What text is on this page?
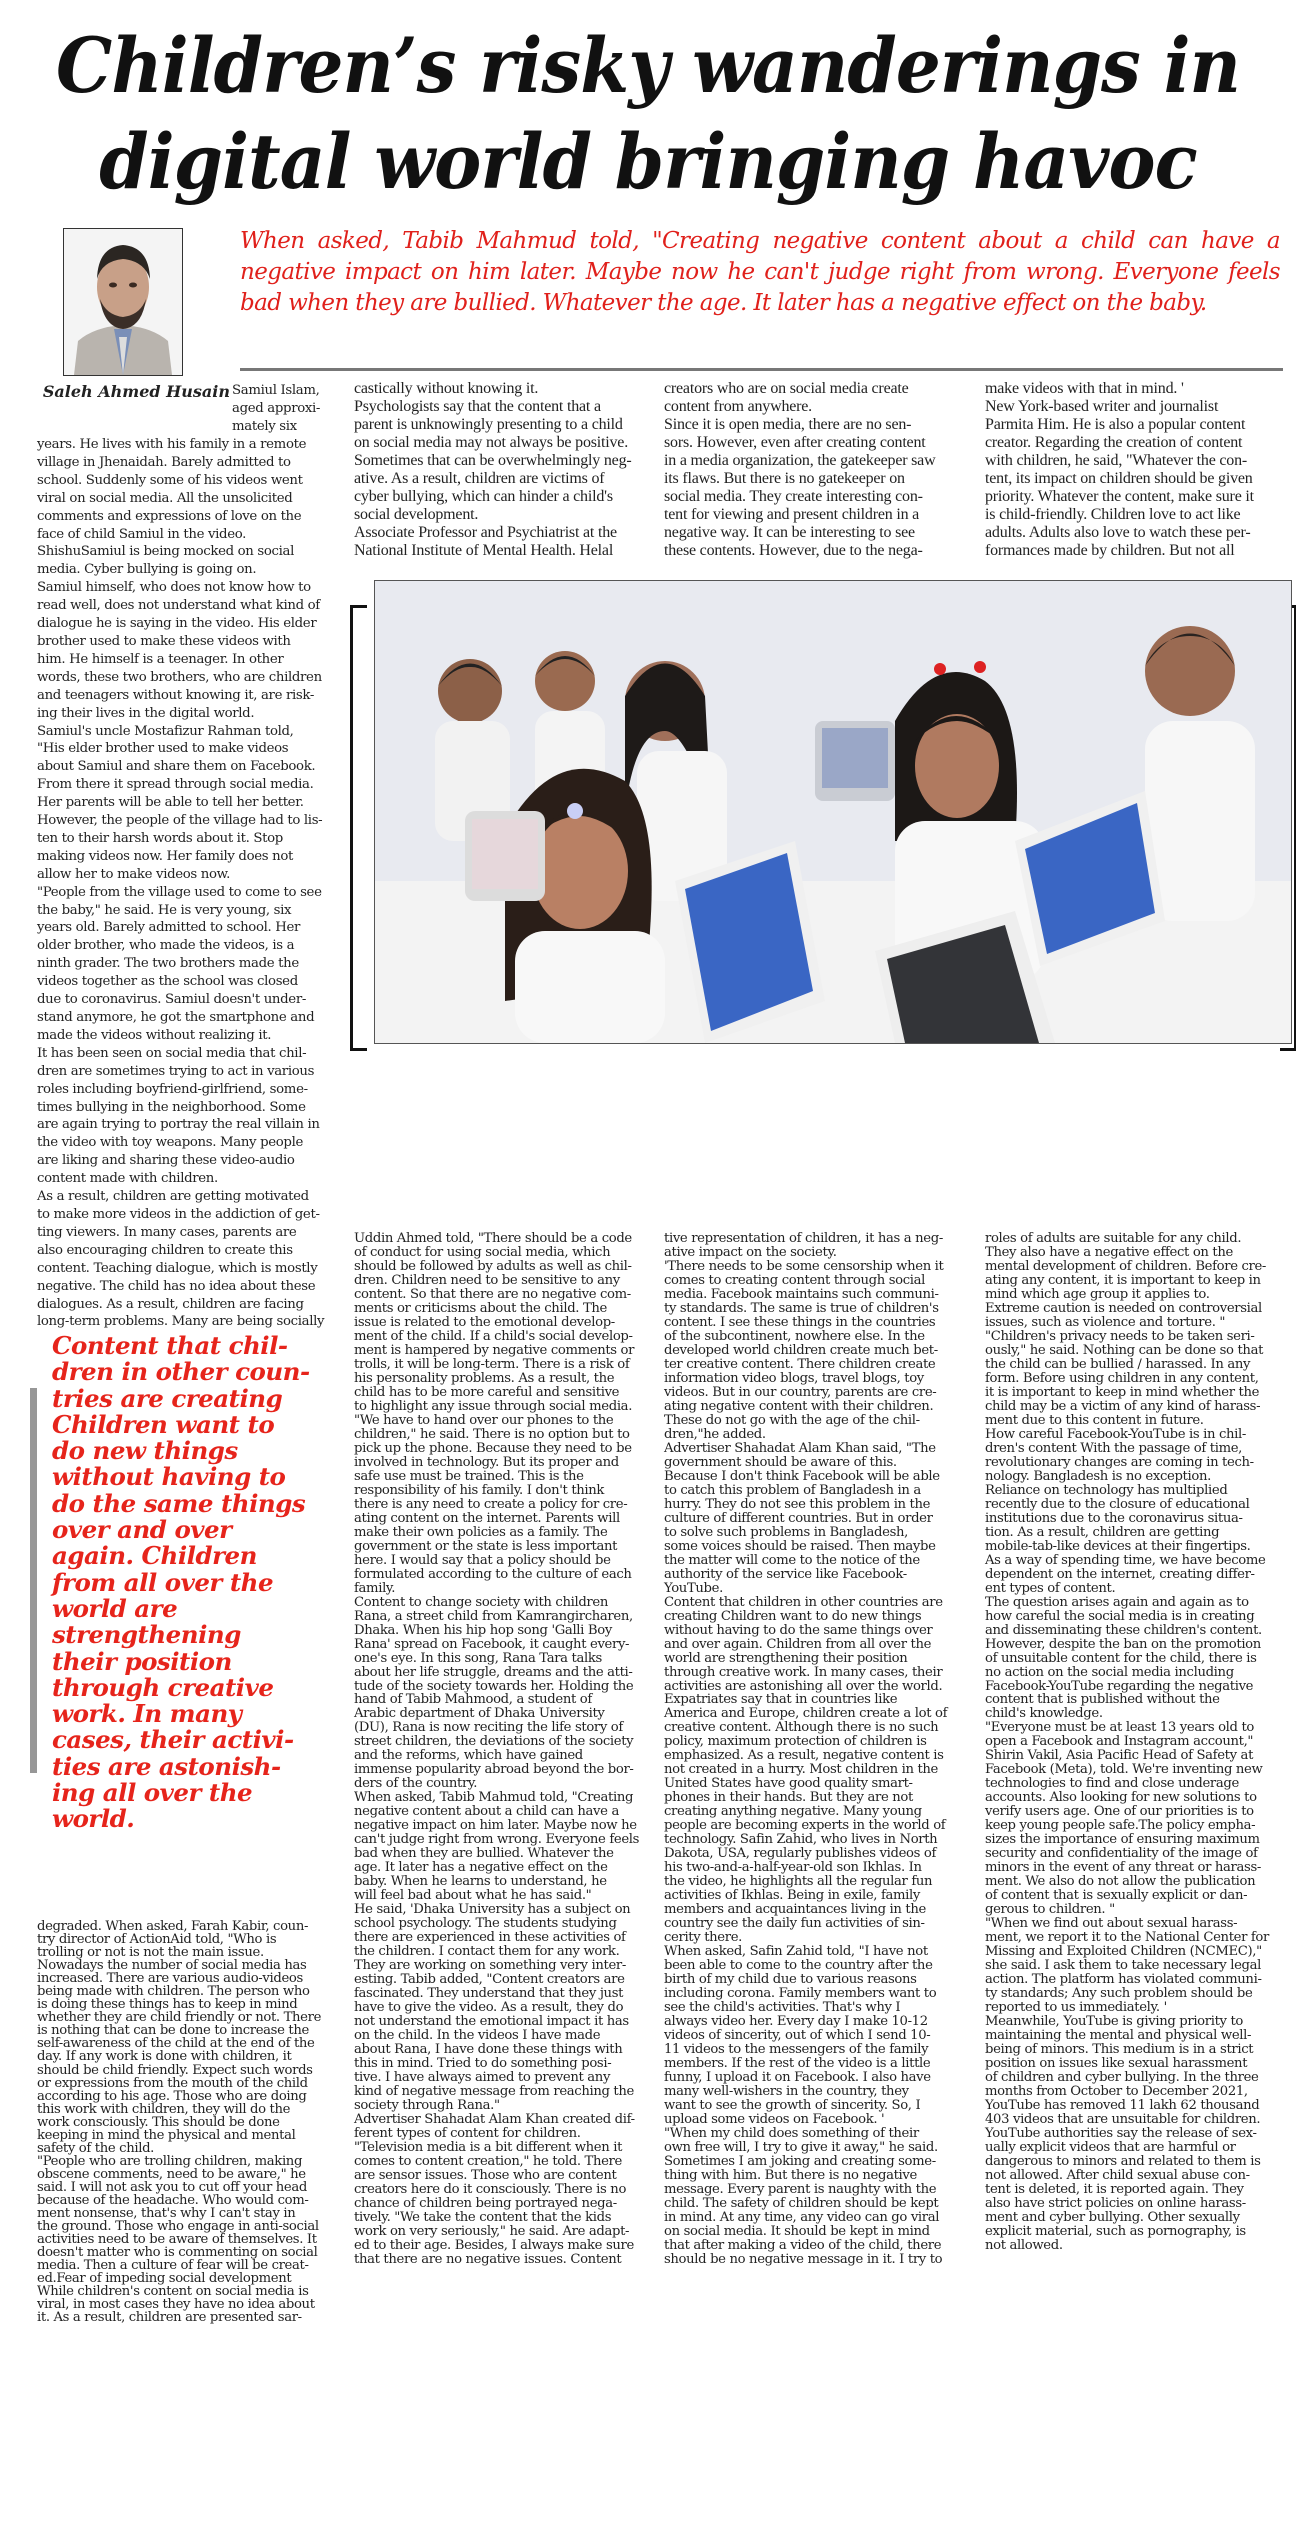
Children’s risky wanderings in
digital world bringing havoc
Saleh Ahmed Husain
When asked, Tabib Mahmud told, "Creating negative content about a child can have a negative impact on him later. Maybe now he can't judge right from wrong. Everyone feels bad when they are bullied. Whatever the age. It later has a negative effect on the baby.
Samiul Islam,
aged approxi-
mately six
years. He lives with his family in a remote
village in Jhenaidah. Barely admitted to
school. Suddenly some of his videos went
viral on social media. All the unsolicited
comments and expressions of love on the
face of child Samiul in the video.
ShishuSamiul is being mocked on social
media. Cyber bullying is going on.
Samiul himself, who does not know how to
read well, does not understand what kind of
dialogue he is saying in the video. His elder
brother used to make these videos with
him. He himself is a teenager. In other
words, these two brothers, who are children
and teenagers without knowing it, are risk-
ing their lives in the digital world.
Samiul's uncle Mostafizur Rahman told,
"His elder brother used to make videos
about Samiul and share them on Facebook.
From there it spread through social media.
Her parents will be able to tell her better.
However, the people of the village had to lis-
ten to their harsh words about it. Stop
making videos now. Her family does not
allow her to make videos now.
"People from the village used to come to see
the baby," he said. He is very young, six
years old. Barely admitted to school. Her
older brother, who made the videos, is a
ninth grader. The two brothers made the
videos together as the school was closed
due to coronavirus. Samiul doesn't under-
stand anymore, he got the smartphone and
made the videos without realizing it.
It has been seen on social media that chil-
dren are sometimes trying to act in various
roles including boyfriend-girlfriend, some-
times bullying in the neighborhood. Some
are again trying to portray the real villain in
the video with toy weapons. Many people
are liking and sharing these video-audio
content made with children.
As a result, children are getting motivated
to make more videos in the addiction of get-
ting viewers. In many cases, parents are
also encouraging children to create this
content. Teaching dialogue, which is mostly
negative. The child has no idea about these
dialogues. As a result, children are facing
long-term problems. Many are being socially
Content that chil-
dren in other coun-
tries are creating
Children want to
do new things
without having to
do the same things
over and over
again. Children
from all over the
world are
strengthening
their position
through creative
work. In many
cases, their activi-
ties are astonish-
ing all over the
world.
degraded. When asked, Farah Kabir, coun-
try director of ActionAid told, "Who is
trolling or not is not the main issue.
Nowadays the number of social media has
increased. There are various audio-videos
being made with children. The person who
is doing these things has to keep in mind
whether they are child friendly or not. There
is nothing that can be done to increase the
self-awareness of the child at the end of the
day. If any work is done with children, it
should be child friendly. Expect such words
or expressions from the mouth of the child
according to his age. Those who are doing
this work with children, they will do the
work consciously. This should be done
keeping in mind the physical and mental
safety of the child.
"People who are trolling children, making
obscene comments, need to be aware," he
said. I will not ask you to cut off your head
because of the headache. Who would com-
ment nonsense, that's why I can't stay in
the ground. Those who engage in anti-social
activities need to be aware of themselves. It
doesn't matter who is commenting on social
media. Then a culture of fear will be creat-
ed.Fear of impeding social development
While children's content on social media is
viral, in most cases they have no idea about
it. As a result, children are presented sar-
castically without knowing it.
Psychologists say that the content that a
parent is unknowingly presenting to a child
on social media may not always be positive.
Sometimes that can be overwhelmingly neg-
ative. As a result, children are victims of
cyber bullying, which can hinder a child's
social development.
Associate Professor and Psychiatrist at the
National Institute of Mental Health. Helal
creators who are on social media create
content from anywhere.
Since it is open media, there are no sen-
sors. However, even after creating content
in a media organization, the gatekeeper saw
its flaws. But there is no gatekeeper on
social media. They create interesting con-
tent for viewing and present children in a
negative way. It can be interesting to see
these contents. However, due to the nega-
make videos with that in mind. '
New York-based writer and journalist
Parmita Him. He is also a popular content
creator. Regarding the creation of content
with children, he said, "Whatever the con-
tent, its impact on children should be given
priority. Whatever the content, make sure it
is child-friendly. Children love to act like
adults. Adults also love to watch these per-
formances made by children. But not all
Uddin Ahmed told, "There should be a code
of conduct for using social media, which
should be followed by adults as well as chil-
dren. Children need to be sensitive to any
content. So that there are no negative com-
ments or criticisms about the child. The
issue is related to the emotional develop-
ment of the child. If a child's social develop-
ment is hampered by negative comments or
trolls, it will be long-term. There is a risk of
his personality problems. As a result, the
child has to be more careful and sensitive
to highlight any issue through social media.
"We have to hand over our phones to the
children," he said. There is no option but to
pick up the phone. Because they need to be
involved in technology. But its proper and
safe use must be trained. This is the
responsibility of his family. I don't think
there is any need to create a policy for cre-
ating content on the internet. Parents will
make their own policies as a family. The
government or the state is less important
here. I would say that a policy should be
formulated according to the culture of each
family.
Content to change society with children
Rana, a street child from Kamrangircharen,
Dhaka. When his hip hop song 'Galli Boy
Rana' spread on Facebook, it caught every-
one's eye. In this song, Rana Tara talks
about her life struggle, dreams and the atti-
tude of the society towards her. Holding the
hand of Tabib Mahmood, a student of
Arabic department of Dhaka University
(DU), Rana is now reciting the life story of
street children, the deviations of the society
and the reforms, which have gained
immense popularity abroad beyond the bor-
ders of the country.
When asked, Tabib Mahmud told, "Creating
negative content about a child can have a
negative impact on him later. Maybe now he
can't judge right from wrong. Everyone feels
bad when they are bullied. Whatever the
age. It later has a negative effect on the
baby. When he learns to understand, he
will feel bad about what he has said."
He said, 'Dhaka University has a subject on
school psychology. The students studying
there are experienced in these activities of
the children. I contact them for any work.
They are working on something very inter-
esting. Tabib added, "Content creators are
fascinated. They understand that they just
have to give the video. As a result, they do
not understand the emotional impact it has
on the child. In the videos I have made
about Rana, I have done these things with
this in mind. Tried to do something posi-
tive. I have always aimed to prevent any
kind of negative message from reaching the
society through Rana."
Advertiser Shahadat Alam Khan created dif-
ferent types of content for children.
"Television media is a bit different when it
comes to content creation," he told. There
are sensor issues. Those who are content
creators here do it consciously. There is no
chance of children being portrayed nega-
tively. "We take the content that the kids
work on very seriously," he said. Are adapt-
ed to their age. Besides, I always make sure
that there are no negative issues. Content
tive representation of children, it has a neg-
ative impact on the society.
'There needs to be some censorship when it
comes to creating content through social
media. Facebook maintains such communi-
ty standards. The same is true of children's
content. I see these things in the countries
of the subcontinent, nowhere else. In the
developed world children create much bet-
ter creative content. There children create
information video blogs, travel blogs, toy
videos. But in our country, parents are cre-
ating negative content with their children.
These do not go with the age of the chil-
dren,"he added.
Advertiser Shahadat Alam Khan said, "The
government should be aware of this.
Because I don't think Facebook will be able
to catch this problem of Bangladesh in a
hurry. They do not see this problem in the
culture of different countries. But in order
to solve such problems in Bangladesh,
some voices should be raised. Then maybe
the matter will come to the notice of the
authority of the service like Facebook-
YouTube.
Content that children in other countries are
creating Children want to do new things
without having to do the same things over
and over again. Children from all over the
world are strengthening their position
through creative work. In many cases, their
activities are astonishing all over the world.
Expatriates say that in countries like
America and Europe, children create a lot of
creative content. Although there is no such
policy, maximum protection of children is
emphasized. As a result, negative content is
not created in a hurry. Most children in the
United States have good quality smart-
phones in their hands. But they are not
creating anything negative. Many young
people are becoming experts in the world of
technology. Safin Zahid, who lives in North
Dakota, USA, regularly publishes videos of
his two-and-a-half-year-old son Ikhlas. In
the video, he highlights all the regular fun
activities of Ikhlas. Being in exile, family
members and acquaintances living in the
country see the daily fun activities of sin-
cerity there.
When asked, Safin Zahid told, "I have not
been able to come to the country after the
birth of my child due to various reasons
including corona. Family members want to
see the child's activities. That's why I
always video her. Every day I make 10-12
videos of sincerity, out of which I send 10-
11 videos to the messengers of the family
members. If the rest of the video is a little
funny, I upload it on Facebook. I also have
many well-wishers in the country, they
want to see the growth of sincerity. So, I
upload some videos on Facebook. '
"When my child does something of their
own free will, I try to give it away," he said.
Sometimes I am joking and creating some-
thing with him. But there is no negative
message. Every parent is naughty with the
child. The safety of children should be kept
in mind. At any time, any video can go viral
on social media. It should be kept in mind
that after making a video of the child, there
should be no negative message in it. I try to
roles of adults are suitable for any child.
They also have a negative effect on the
mental development of children. Before cre-
ating any content, it is important to keep in
mind which age group it applies to.
Extreme caution is needed on controversial
issues, such as violence and torture. "
"Children's privacy needs to be taken seri-
ously," he said. Nothing can be done so that
the child can be bullied / harassed. In any
form. Before using children in any content,
it is important to keep in mind whether the
child may be a victim of any kind of harass-
ment due to this content in future.
How careful Facebook-YouTube is in chil-
dren's content With the passage of time,
revolutionary changes are coming in tech-
nology. Bangladesh is no exception.
Reliance on technology has multiplied
recently due to the closure of educational
institutions due to the coronavirus situa-
tion. As a result, children are getting
mobile-tab-like devices at their fingertips.
As a way of spending time, we have become
dependent on the internet, creating differ-
ent types of content.
The question arises again and again as to
how careful the social media is in creating
and disseminating these children's content.
However, despite the ban on the promotion
of unsuitable content for the child, there is
no action on the social media including
Facebook-YouTube regarding the negative
content that is published without the
child's knowledge.
"Everyone must be at least 13 years old to
open a Facebook and Instagram account,"
Shirin Vakil, Asia Pacific Head of Safety at
Facebook (Meta), told. We're inventing new
technologies to find and close underage
accounts. Also looking for new solutions to
verify users age. One of our priorities is to
keep young people safe.The policy empha-
sizes the importance of ensuring maximum
security and confidentiality of the image of
minors in the event of any threat or harass-
ment. We also do not allow the publication
of content that is sexually explicit or dan-
gerous to children. "
"When we find out about sexual harass-
ment, we report it to the National Center for
Missing and Exploited Children (NCMEC),"
she said. I ask them to take necessary legal
action. The platform has violated communi-
ty standards; Any such problem should be
reported to us immediately. '
Meanwhile, YouTube is giving priority to
maintaining the mental and physical well-
being of minors. This medium is in a strict
position on issues like sexual harassment
of children and cyber bullying. In the three
months from October to December 2021,
YouTube has removed 11 lakh 62 thousand
403 videos that are unsuitable for children.
YouTube authorities say the release of sex-
ually explicit videos that are harmful or
dangerous to minors and related to them is
not allowed. After child sexual abuse con-
tent is deleted, it is reported again. They
also have strict policies on online harass-
ment and cyber bullying. Other sexually
explicit material, such as pornography, is
not allowed.
